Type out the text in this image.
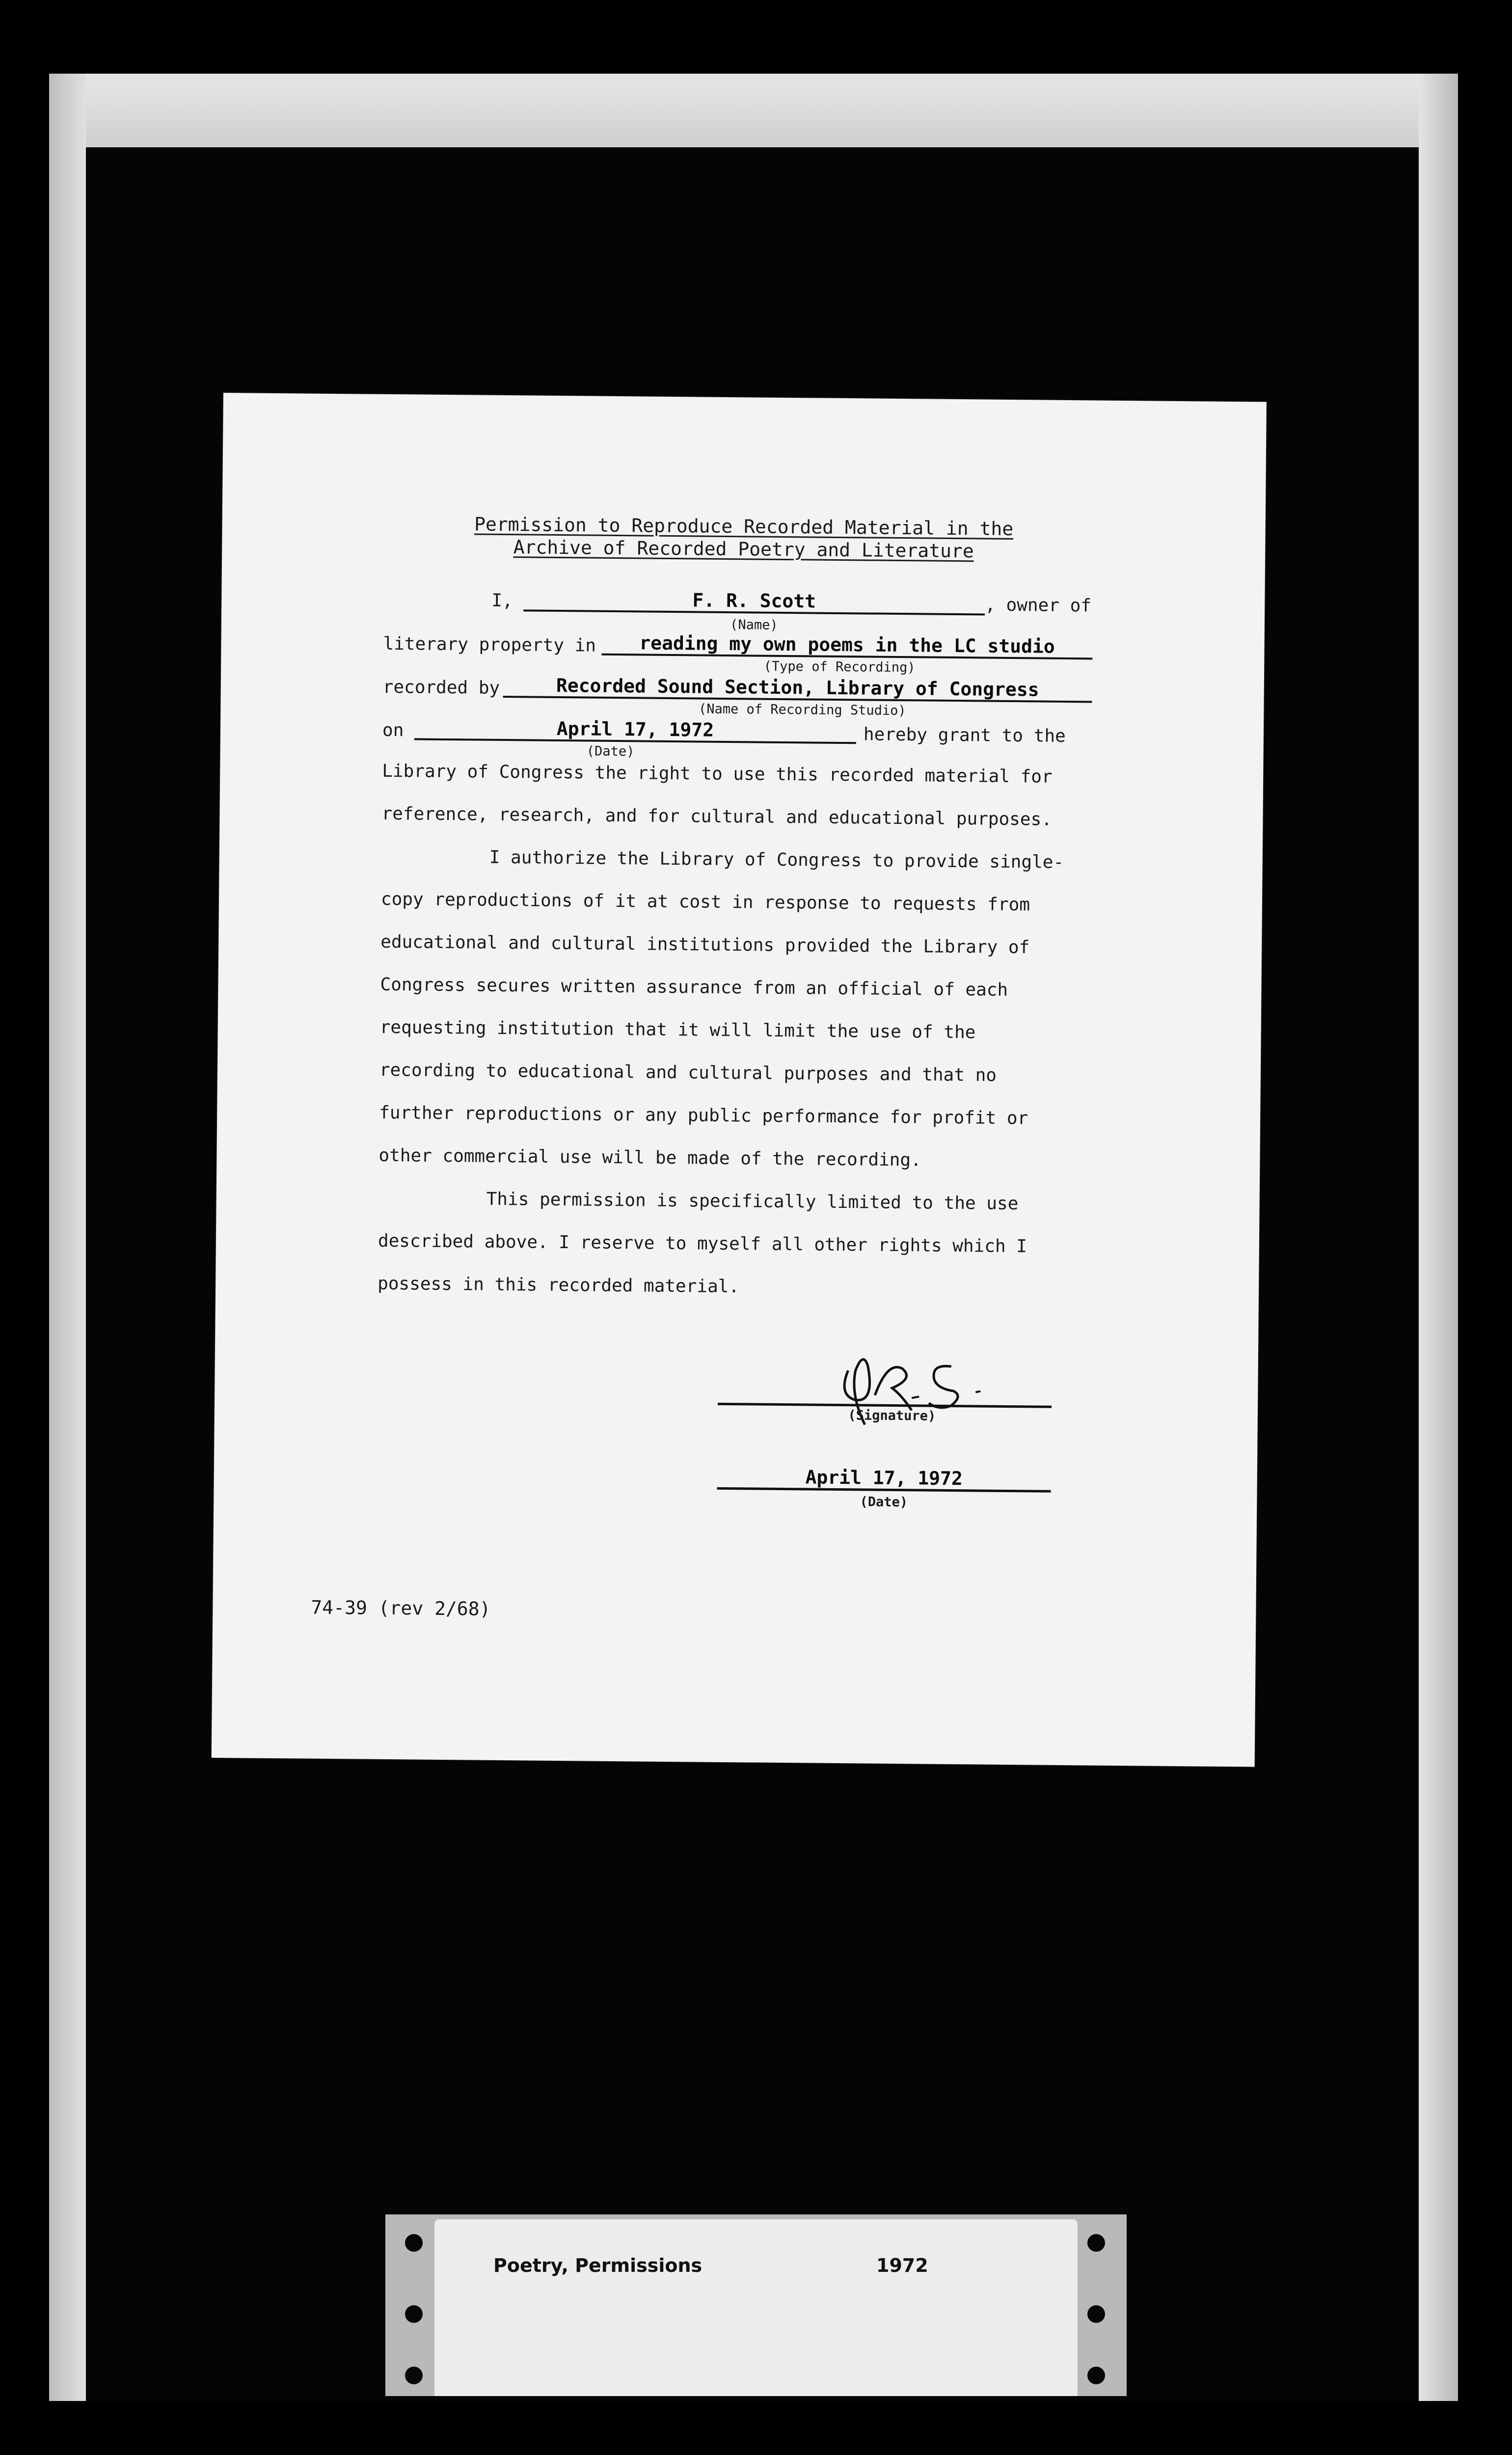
Permission to Reproduce Recorded Material in the
Archive of Recorded Poetry and Literature
I,	F. R. Scott	, owner of
(Name)
literary property in	reading my own poems in the LC studio
(Type of Recording)
recorded by	Recorded Sound Section, Library of Congress
(Name of Recording Studio)
on	April 17, 1972	hereby grant to the
(Date)
Library of Congress the right to use this recorded material for reference, research, and for cultural and educational purposes.

I authorize the Library of Congress to provide single-copy reproductions of it at cost in response to requests from educational and cultural institutions provided the Library of Congress secures written assurance from an official of each requesting institution that it will limit the use of the recording to educational and cultural purposes and that no further reproductions or any public performance for profit or other commercial use will be made of the recording.

This permission is specifically limited to the use described above. I reserve to myself all other rights which I possess in this recorded material.

(Signature)
April 17, 1972
(Date)
74-39 (rev 2/68)
Poetry, Permissions	1972
